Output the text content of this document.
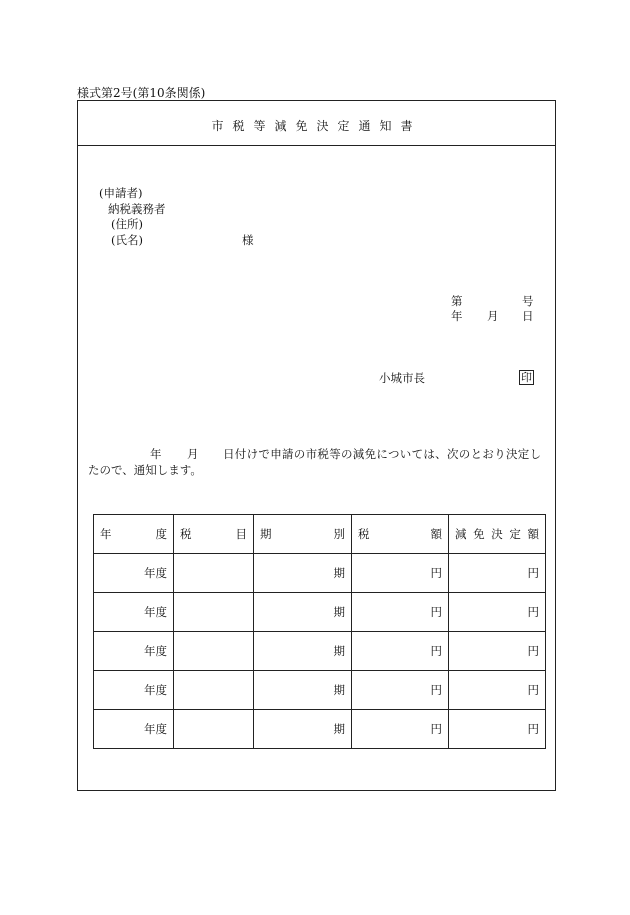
様式第2号(第10条関係)
市税等減免決定通知書
(申請者)
納税義務者
(住所)
(氏名)	様
第	号
年 月 日
小城市長	印
年 月 日付けで申請の市税等の減免については、次のとおり決定し
たので、通知します。
年 度	税 目	期 別	税 額	減 免 決 定 額

年度		期	円	円
年度		期	円	円
年度		期	円	円
年度		期	円	円
年度		期	円	円
